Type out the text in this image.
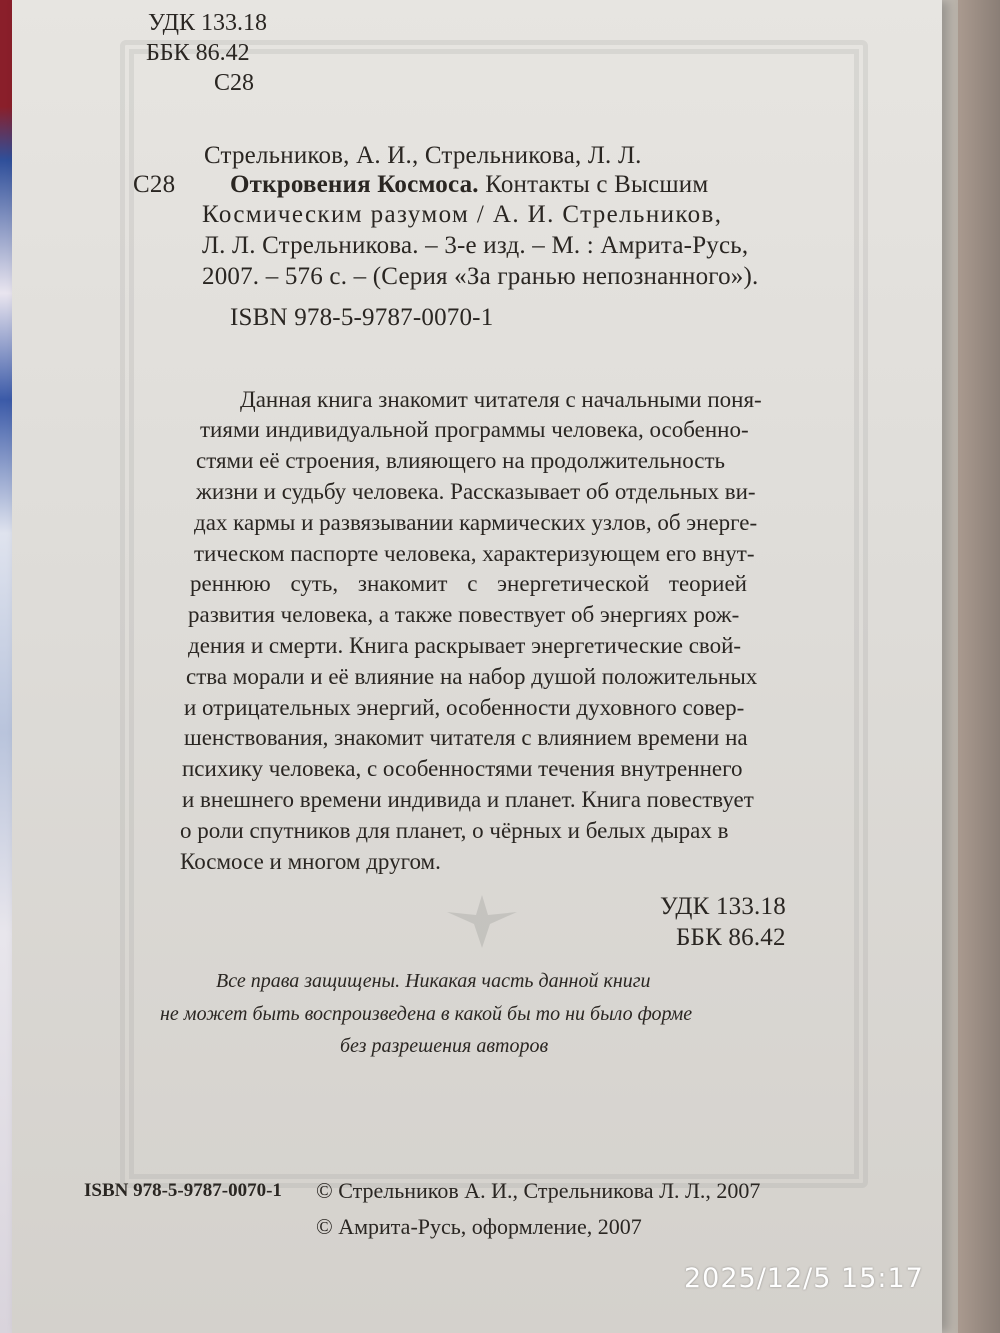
УДК 133.18
ББК 86.42
С28
Стрельников, А. И., Стрельникова, Л. Л.
С28 Откровения Космоса. Контакты с Высшим
Космическим разумом / А. И. Стрельников,
Л. Л. Стрельникова. – 3-е изд. – М. : Амрита-Русь,
2007. – 576 с. – (Серия «За гранью непознанного»).
ISBN 978-5-9787-0070-1
Данная книга знакомит читателя с начальными поня-
тиями индивидуальной программы человека, особенно-
стями её строения, влияющего на продолжительность
жизни и судьбу человека. Рассказывает об отдельных ви-
дах кармы и развязывании кармических узлов, об энерге-
тическом паспорте человека, характеризующем его внут-
реннюю суть, знакомит с энергетической теорией
развития человека, а также повествует об энергиях рож-
дения и смерти. Книга раскрывает энергетические свой-
ства морали и её влияние на набор душой положительных
и отрицательных энергий, особенности духовного совер-
шенствования, знакомит читателя с влиянием времени на
психику человека, с особенностями течения внутреннего
и внешнего времени индивида и планет. Книга повествует
о роли спутников для планет, о чёрных и белых дырах в
Космосе и многом другом.
УДК 133.18
ББК 86.42
Все права защищены. Никакая часть данной книги
не может быть воспроизведена в какой бы то ни было форме
без разрешения авторов
ISBN 978-5-9787-0070-1 © Стрельников А. И., Стрельникова Л. Л., 2007
© Амрита-Русь, оформление, 2007
2025/12/5 15:17
